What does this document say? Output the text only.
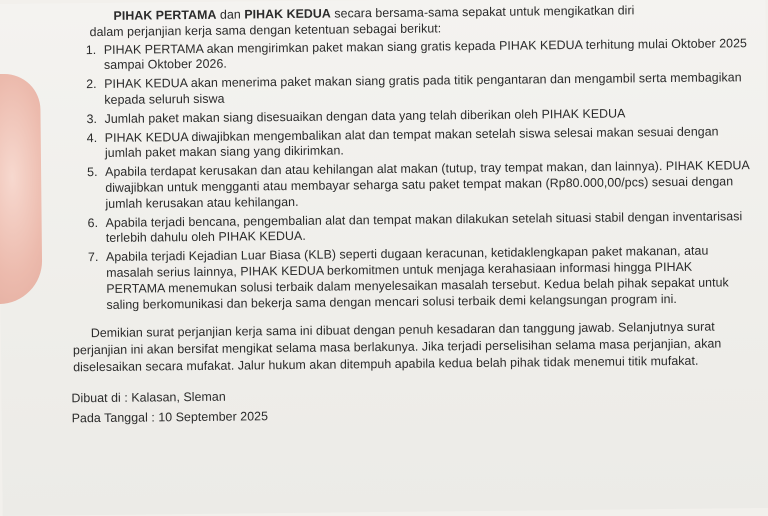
PIHAK PERTAMA dan PIHAK KEDUA secara bersama-sama sepakat untuk mengikatkan diri
dalam perjanjian kerja sama dengan ketentuan sebagai berikut:
1. PIHAK PERTAMA akan mengirimkan paket makan siang gratis kepada PIHAK KEDUA terhitung mulai Oktober 2025 sampai Oktober 2026.
2. PIHAK KEDUA akan menerima paket makan siang gratis pada titik pengantaran dan mengambil serta membagikan kepada seluruh siswa
3. Jumlah paket makan siang disesuaikan dengan data yang telah diberikan oleh PIHAK KEDUA
4. PIHAK KEDUA diwajibkan mengembalikan alat dan tempat makan setelah siswa selesai makan sesuai dengan jumlah paket makan siang yang dikirimkan.
5. Apabila terdapat kerusakan dan atau kehilangan alat makan (tutup, tray tempat makan, dan lainnya). PIHAK KEDUA diwajibkan untuk mengganti atau membayar seharga satu paket tempat makan (Rp80.000,00/pcs) sesuai dengan jumlah kerusakan atau kehilangan.
6. Apabila terjadi bencana, pengembalian alat dan tempat makan dilakukan setelah situasi stabil dengan inventarisasi terlebih dahulu oleh PIHAK KEDUA.
7. Apabila terjadi Kejadian Luar Biasa (KLB) seperti dugaan keracunan, ketidaklengkapan paket makanan, atau masalah serius lainnya, PIHAK KEDUA berkomitmen untuk menjaga kerahasiaan informasi hingga PIHAK PERTAMA menemukan solusi terbaik dalam menyelesaikan masalah tersebut. Kedua belah pihak sepakat untuk saling berkomunikasi dan bekerja sama dengan mencari solusi terbaik demi kelangsungan program ini.

Demikian surat perjanjian kerja sama ini dibuat dengan penuh kesadaran dan tanggung jawab. Selanjutnya surat perjanjian ini akan bersifat mengikat selama masa berlakunya. Jika terjadi perselisihan selama masa perjanjian, akan diselesaikan secara mufakat. Jalur hukum akan ditempuh apabila kedua belah pihak tidak menemui titik mufakat.

Dibuat di : Kalasan, Sleman
Pada Tanggal : 10 September 2025
